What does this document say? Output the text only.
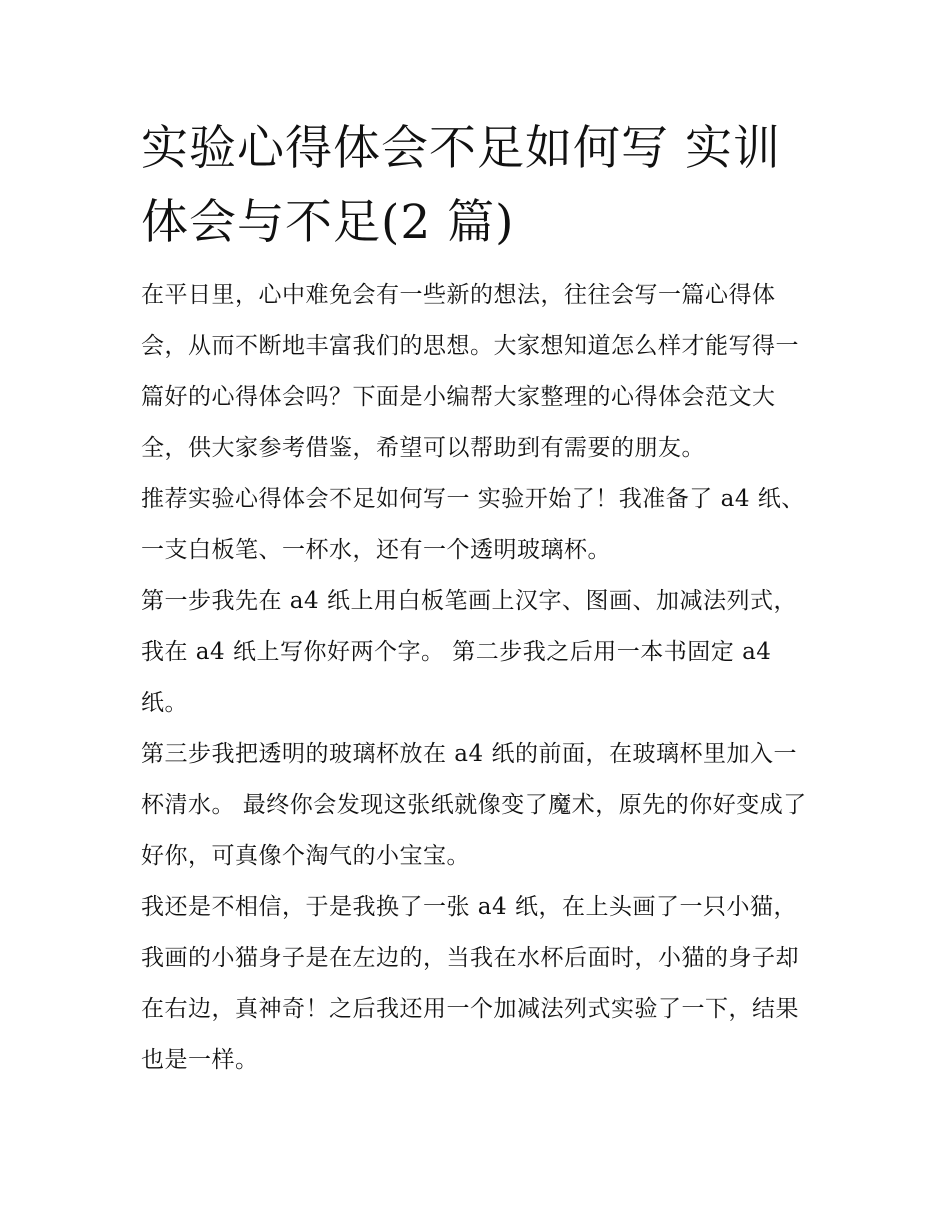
实验心得体会不足如何写 实训体会与不足(2 篇)

在平日里，心中难免会有一些新的想法，往往会写一篇心得体会，从而不断地丰富我们的思想。大家想知道怎么样才能写得一篇好的心得体会吗？下面是小编帮大家整理的心得体会范文大全，供大家参考借鉴，希望可以帮助到有需要的朋友。

推荐实验心得体会不足如何写一 实验开始了！我准备了 a4 纸、一支白板笔、一杯水，还有一个透明玻璃杯。

第一步我先在 a4 纸上用白板笔画上汉字、图画、加减法列式，我在 a4 纸上写你好两个字。 第二步我之后用一本书固定 a4 纸。

第三步我把透明的玻璃杯放在 a4 纸的前面，在玻璃杯里加入一杯清水。 最终你会发现这张纸就像变了魔术，原先的你好变成了好你，可真像个淘气的小宝宝。

我还是不相信，于是我换了一张 a4 纸，在上头画了一只小猫，我画的小猫身子是在左边的，当我在水杯后面时，小猫的身子却在右边，真神奇！之后我还用一个加减法列式实验了一下，结果也是一样。
